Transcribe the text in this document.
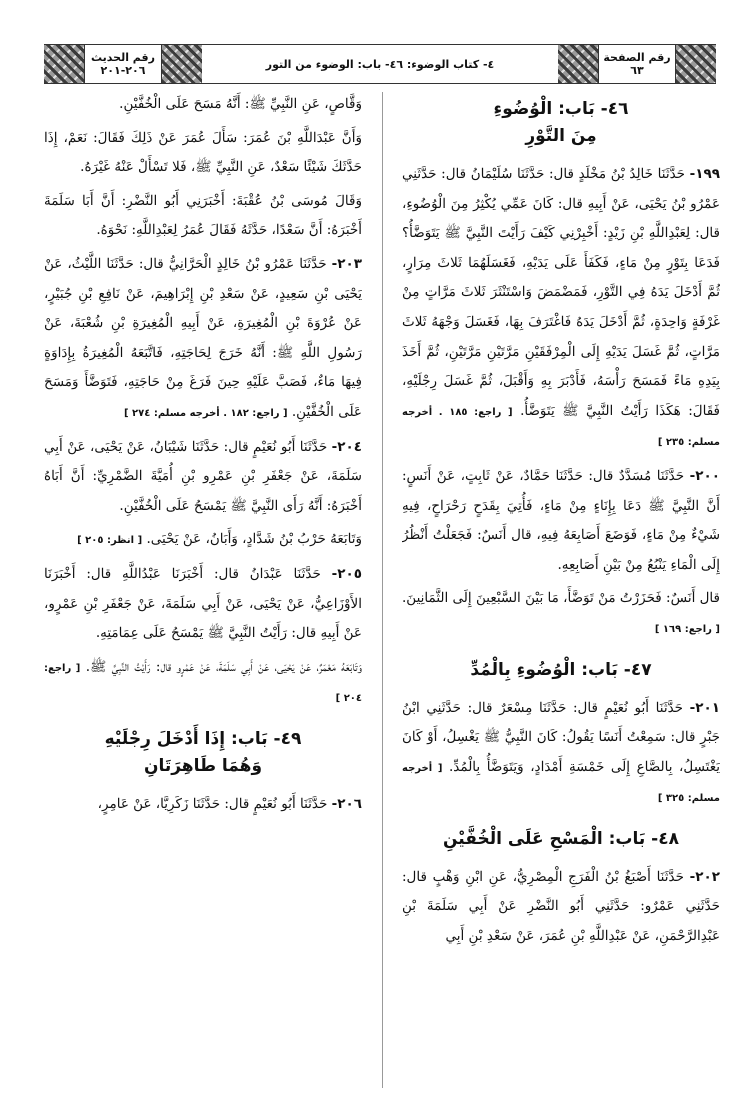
رقم الحديث
٢٠٦-٢٠١	٤- كتاب الوضوء: ٤٦- باب: الوضوء من التور	رقم الصفحة
٦٣
٤٦- بَاب: الْوُضُوءِ
مِنَ التَّوْرِ

١٩٩- حَدَّثَنَا خَالِدُ بْنُ مَخْلَدٍ قال: حَدَّثَنَا سُلَيْمَانُ قال: حَدَّثَنِي عَمْرُو بْنُ يَحْيَى، عَنْ أَبِيهِ قال: كَانَ عَمِّي يُكْثِرُ مِنَ الْوُضُوءِ، قال: لِعَبْدِاللَّهِ بْنِ زَيْدٍ: أَخْبِرْنِي كَيْفَ رَأَيْتَ النَّبِيَّ ﷺ يَتَوَضَّأُ؟ فَدَعَا بِتَوْرٍ مِنْ مَاءٍ، فَكَفَأَ عَلَى يَدَيْهِ، فَغَسَلَهُمَا ثَلاثَ مِرَارٍ، ثُمَّ أَدْخَلَ يَدَهُ فِي التَّوْرِ، فَمَضْمَضَ وَاسْتَنْثَرَ ثَلاثَ مَرَّاتٍ مِنْ غَرْفَةٍ وَاحِدَةٍ، ثُمَّ أَدْخَلَ يَدَهُ فَاغْتَرَفَ بِهَا، فَغَسَلَ وَجْهَهُ ثَلاثَ مَرَّاتٍ، ثُمَّ غَسَلَ يَدَيْهِ إِلَى الْمِرْفَقَيْنِ مَرَّتَيْنِ مَرَّتَيْنِ، ثُمَّ أَخَذَ بِيَدِهِ مَاءً فَمَسَحَ رَأْسَهُ، فَأَدْبَرَ بِهِ وَأَقْبَلَ، ثُمَّ غَسَلَ رِجْلَيْهِ، فَقَالَ: هَكَذَا رَأَيْتُ النَّبِيَّ ﷺ يَتَوَضَّأُ. [ راجع: ١٨٥ . أخرجه مسلم: ٢٣٥ ]

٢٠٠- حَدَّثَنَا مُسَدَّدٌ قال: حَدَّثَنَا حَمَّادٌ، عَنْ ثَابِتٍ، عَنْ أَنَسٍ: أَنَّ النَّبِيَّ ﷺ دَعَا بِإِنَاءٍ مِنْ مَاءٍ، فَأُتِيَ بِقَدَحٍ رَحْرَاحٍ، فِيهِ شَيْءٌ مِنْ مَاءٍ، فَوَضَعَ أَصَابِعَهُ فِيهِ، قال أَنَسٌ: فَجَعَلْتُ أَنْظُرُ إِلَى الْمَاءِ يَنْبُعُ مِنْ بَيْنِ أَصَابِعِهِ.

قال أَنَسٌ: فَحَزَرْتُ مَنْ تَوَضَّأَ، مَا بَيْنَ السَّبْعِينَ إِلَى الثَّمَانِينَ. [ راجع: ١٦٩ ]

٤٧- بَاب: الْوُضُوءِ بِالْمُدِّ

٢٠١- حَدَّثَنَا أَبُو نُعَيْمٍ قال: حَدَّثَنَا مِسْعَرٌ قال: حَدَّثَنِي ابْنُ جَبْرٍ قال: سَمِعْتُ أَنَسًا يَقُولُ: كَانَ النَّبِيُّ ﷺ يَغْسِلُ، أَوْ كَانَ يَغْتَسِلُ، بِالصَّاعِ إِلَى خَمْسَةِ أَمْدَادٍ، وَيَتَوَضَّأُ بِالْمُدِّ. [ أخرجه مسلم: ٣٢٥ ]

٤٨- بَاب: الْمَسْحِ عَلَى الْخُفَّيْنِ

٢٠٢- حَدَّثَنَا أَصْبَغُ بْنُ الْفَرَجِ الْمِصْرِيُّ، عَنِ ابْنِ وَهْبٍ قال: حَدَّثَنِي عَمْرٌو: حَدَّثَنِي أَبُو النَّضْرِ عَنْ أَبِي سَلَمَةَ بْنِ عَبْدِالرَّحْمَنِ، عَنْ عَبْدِاللَّهِ بْنِ عُمَرَ، عَنْ سَعْدِ بْنِ أَبِي

وَقَّاصٍ، عَنِ النَّبِيِّ ﷺ: أَنَّهُ مَسَحَ عَلَى الْخُفَّيْنِ.

وَأَنَّ عَبْدَاللَّهِ بْنَ عُمَرَ: سَأَلَ عُمَرَ عَنْ ذَلِكَ فَقَالَ: نَعَمْ، إِذَا حَدَّثَكَ شَيْئًا سَعْدٌ، عَنِ النَّبِيِّ ﷺ، فَلا تَسْأَلْ عَنْهُ غَيْرَهُ.

وَقَالَ مُوسَى بْنُ عُقْبَةَ: أَخْبَرَنِي أَبُو النَّضْرِ: أَنَّ أَبَا سَلَمَةَ أَخْبَرَهُ: أَنَّ سَعْدًا، حَدَّثَهُ فَقَالَ عُمَرُ لِعَبْدِاللَّهِ: نَحْوَهُ.

٢٠٣- حَدَّثَنَا عَمْرُو بْنُ خَالِدٍ الْحَرَّانِيُّ قال: حَدَّثَنَا اللَّيْثُ، عَنْ يَحْيَى بْنِ سَعِيدٍ، عَنْ سَعْدِ بْنِ إِبْرَاهِيمَ، عَنْ نَافِعِ بْنِ جُبَيْرٍ، عَنْ عُرْوَةَ بْنِ الْمُغِيرَةِ، عَنْ أَبِيهِ الْمُغِيرَةِ بْنِ شُعْبَةَ، عَنْ رَسُولِ اللَّهِ ﷺ: أَنَّهُ خَرَجَ لِحَاجَتِهِ، فَاتَّبَعَهُ الْمُغِيرَةُ بِإِدَاوَةٍ فِيهَا مَاءٌ، فَصَبَّ عَلَيْهِ حِينَ فَرَغَ مِنْ حَاجَتِهِ، فَتَوَضَّأَ وَمَسَحَ عَلَى الْخُفَّيْنِ. [ راجع: ١٨٢ . أخرجه مسلم: ٢٧٤ ]

٢٠٤- حَدَّثَنَا أَبُو نُعَيْمٍ قال: حَدَّثَنَا شَيْبَانُ، عَنْ يَحْيَى، عَنْ أَبِي سَلَمَةَ، عَنْ جَعْفَرِ بْنِ عَمْرِو بْنِ أُمَيَّةَ الضَّمْرِيِّ: أَنَّ أَبَاهُ أَخْبَرَهُ: أَنَّهُ رَأَى النَّبِيَّ ﷺ يَمْسَحُ عَلَى الْخُفَّيْنِ.

وَتَابَعَهُ حَرْبُ بْنُ شَدَّادٍ، وَأَبَانُ، عَنْ يَحْيَى. [ انظر: ٢٠٥ ]

٢٠٥- حَدَّثَنَا عَبْدَانُ قال: أَخْبَرَنَا عَبْدُاللَّهِ قال: أَخْبَرَنَا الأَوْزَاعِيُّ، عَنْ يَحْيَى، عَنْ أَبِي سَلَمَةَ، عَنْ جَعْفَرِ بْنِ عَمْرٍو، عَنْ أَبِيهِ قال: رَأَيْتُ النَّبِيَّ ﷺ يَمْسَحُ عَلَى عِمَامَتِهِ.

وَتَابَعَهُ مَعْمَرٌ، عَنْ يَحْيَى، عَنْ أَبِي سَلَمَةَ، عَنْ عَمْرٍو قال: رَأَيْتُ النَّبِيَّ ﷺ. [ راجع: ٢٠٤ ]

٤٩- بَاب: إِذَا أَدْخَلَ رِجْلَيْهِ
وَهُمَا طَاهِرَتَانِ

٢٠٦- حَدَّثَنَا أَبُو نُعَيْمٍ قال: حَدَّثَنَا زَكَرِيَّا، عَنْ عَامِرٍ،
